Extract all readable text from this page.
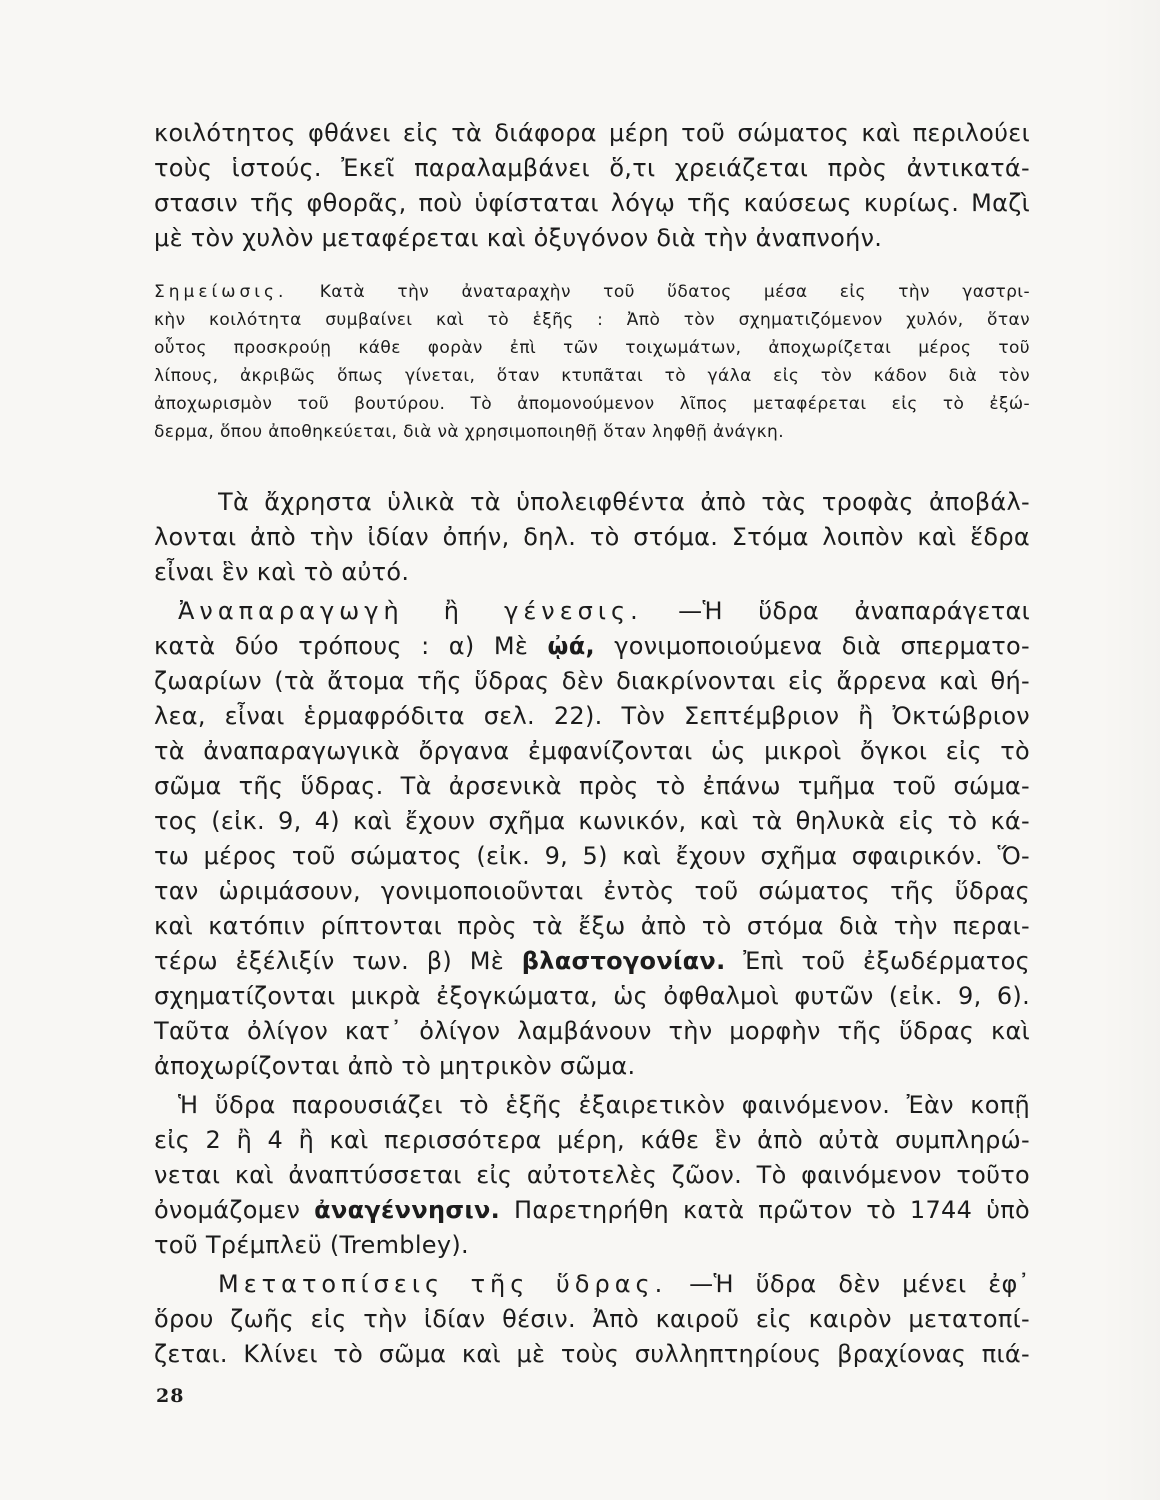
κοιλότητος φθάνει εἰς τὰ διάφορα μέρη τοῦ σώματος καὶ περιλούει
τοὺς ἱστούς. Ἐκεῖ παραλαμβάνει ὅ,τι χρειάζεται πρὸς ἀντικατά-
στασιν τῆς φθορᾶς, ποὺ ὑφίσταται λόγῳ τῆς καύσεως κυρίως. Μαζὶ
μὲ τὸν χυλὸν μεταφέρεται καὶ ὀξυγόνον διὰ τὴν ἀναπνοήν.
Σημείωσις. Κατὰ τὴν ἀναταραχὴν τοῦ ὕδατος μέσα εἰς τὴν γαστρι-
κὴν κοιλότητα συμβαίνει καὶ τὸ ἑξῆς : Ἀπὸ τὸν σχηματιζόμενον χυλόν, ὅταν
οὗτος προσκρούῃ κάθε φορὰν ἐπὶ τῶν τοιχωμάτων, ἀποχωρίζεται μέρος τοῦ
λίπους, ἀκριβῶς ὅπως γίνεται, ὅταν κτυπᾶται τὸ γάλα εἰς τὸν κάδον διὰ τὸν
ἀποχωρισμὸν τοῦ βουτύρου. Τὸ ἀπομονούμενον λῖπος μεταφέρεται εἰς τὸ ἐξώ-
δερμα, ὅπου ἀποθηκεύεται, διὰ νὰ χρησιμοποιηθῇ ὅταν ληφθῇ ἀνάγκη.
Τὰ ἄχρηστα ὑλικὰ τὰ ὑπολειφθέντα ἀπὸ τὰς τροφὰς ἀποβάλ-
λονται ἀπὸ τὴν ἰδίαν ὀπήν, δηλ. τὸ στόμα. Στόμα λοιπὸν καὶ ἕδρα
εἶναι ἓν καὶ τὸ αὐτό.
Ἀναπαραγωγὴ ἢ γένεσις. —Ἡ ὕδρα ἀναπαράγεται
κατὰ δύο τρόπους : α) Μὲ ᾠά, γονιμοποιούμενα διὰ σπερματο-
ζωαρίων (τὰ ἄτομα τῆς ὕδρας δὲν διακρίνονται εἰς ἄρρενα καὶ θή-
λεα, εἶναι ἑρμαφρόδιτα σελ. 22). Τὸν Σεπτέμβριον ἢ Ὀκτώβριον
τὰ ἀναπαραγωγικὰ ὄργανα ἐμφανίζονται ὡς μικροὶ ὄγκοι εἰς τὸ
σῶμα τῆς ὕδρας. Τὰ ἀρσενικὰ πρὸς τὸ ἐπάνω τμῆμα τοῦ σώμα-
τος (εἰκ. 9, 4) καὶ ἔχουν σχῆμα κωνικόν, καὶ τὰ θηλυκὰ εἰς τὸ κά-
τω μέρος τοῦ σώματος (εἰκ. 9, 5) καὶ ἔχουν σχῆμα σφαιρικόν. Ὅ-
ταν ὡριμάσουν, γονιμοποιοῦνται ἐντὸς τοῦ σώματος τῆς ὕδρας
καὶ κατόπιν ρίπτονται πρὸς τὰ ἔξω ἀπὸ τὸ στόμα διὰ τὴν περαι-
τέρω ἐξέλιξίν των. β) Μὲ βλαστογονίαν. Ἐπὶ τοῦ ἐξωδέρματος
σχηματίζονται μικρὰ ἐξογκώματα, ὡς ὀφθαλμοὶ φυτῶν (εἰκ. 9, 6).
Ταῦτα ὀλίγον κατ᾽ ὀλίγον λαμβάνουν τὴν μορφὴν τῆς ὕδρας καὶ
ἀποχωρίζονται ἀπὸ τὸ μητρικὸν σῶμα.
Ἡ ὕδρα παρουσιάζει τὸ ἑξῆς ἐξαιρετικὸν φαινόμενον. Ἐὰν κοπῇ
εἰς 2 ἢ 4 ἢ καὶ περισσότερα μέρη, κάθε ἓν ἀπὸ αὐτὰ συμπληρώ-
νεται καὶ ἀναπτύσσεται εἰς αὐτοτελὲς ζῶον. Τὸ φαινόμενον τοῦτο
ὀνομάζομεν ἀναγέννησιν. Παρετηρήθη κατὰ πρῶτον τὸ 1744 ὑπὸ
τοῦ Τρέμπλεϋ (Trembley).
Μετατοπίσεις τῆς ὕδρας. —Ἡ ὕδρα δὲν μένει ἐφ᾽
ὅρου ζωῆς εἰς τὴν ἰδίαν θέσιν. Ἀπὸ καιροῦ εἰς καιρὸν μετατοπί-
ζεται. Κλίνει τὸ σῶμα καὶ μὲ τοὺς συλληπτηρίους βραχίονας πιά-
28
